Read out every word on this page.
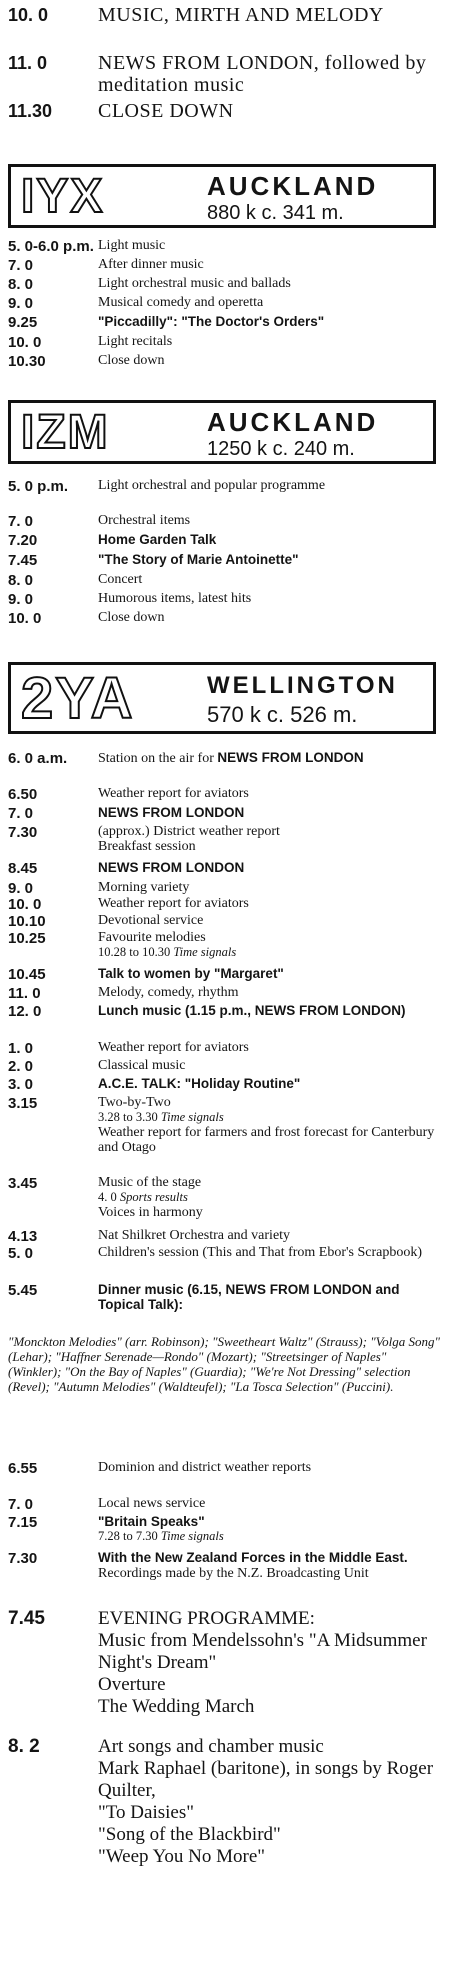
10. 0	MUSIC, MIRTH AND MELODY
11. 0	NEWS FROM LONDON, followed by meditation music
11.30	CLOSE DOWN
IYX	AUCKLAND
880 k c. 341 m.
5. 0-6.0 p.m. Light music
7. 0	After dinner music
8. 0	Light orchestral music and ballads
9. 0	Musical comedy and operetta
9.25	"Piccadilly": "The Doctor's Orders"
10. 0	Light recitals
10.30	Close down
IZM	AUCKLAND
1250 k c. 240 m.
5. 0 p.m.	Light orchestral and popular programme
7. 0	Orchestral items
7.20	Home Garden Talk
7.45	"The Story of Marie Antoinette"
8. 0	Concert
9. 0	Humorous items, latest hits
10. 0	Close down
2YA	WELLINGTON
570 k c. 526 m.
6. 0 a.m.	Station on the air for NEWS FROM LONDON
6.50	Weather report for aviators
7. 0	NEWS FROM LONDON
7.30	(approx.) District weather report
Breakfast session
8.45	NEWS FROM LONDON
9. 0	Morning variety
10. 0	Weather report for aviators
10.10	Devotional service
10.25	Favourite melodies
10.28 to 10.30 Time signals
10.45	Talk to women by "Margaret"
11. 0	Melody, comedy, rhythm
12. 0	Lunch music (1.15 p.m., NEWS FROM LONDON)
1. 0	Weather report for aviators
2. 0	Classical music
3. 0	A.C.E. TALK: "Holiday Routine"
3.15	Two-by-Two
3.28 to 3.30 Time signals
Weather report for farmers and frost forecast for Canterbury and Otago
3.45	Music of the stage
4. 0 Sports results
Voices in harmony
4.13	Nat Shilkret Orchestra and variety
5. 0	Children's session (This and That from Ebor's Scrapbook)
5.45	Dinner music (6.15, NEWS FROM LONDON and Topical Talk):
"Monckton Melodies" (arr. Robinson); "Sweetheart Waltz" (Strauss); "Volga Song" (Lehar); "Haffner Serenade—Rondo" (Mozart); "Streetsinger of Naples" (Winkler); "On the Bay of Naples" (Guardia); "We're Not Dressing" selection (Revel); "Autumn Melodies" (Waldteufel); "La Tosca Selection" (Puccini).
6.55	Dominion and district weather reports
7. 0	Local news service
7.15	"Britain Speaks"
7.28 to 7.30 Time signals
7.30	With the New Zealand Forces in the Middle East. Recordings made by the N.Z. Broadcasting Unit
7.45	EVENING PROGRAMME:
Music from Mendelssohn's "A Midsummer Night's Dream"
Overture
The Wedding March
8. 2	Art songs and chamber music
Mark Raphael (baritone), in songs by Roger Quilter,
"To Daisies"
"Song of the Blackbird"
"Weep You No More"
